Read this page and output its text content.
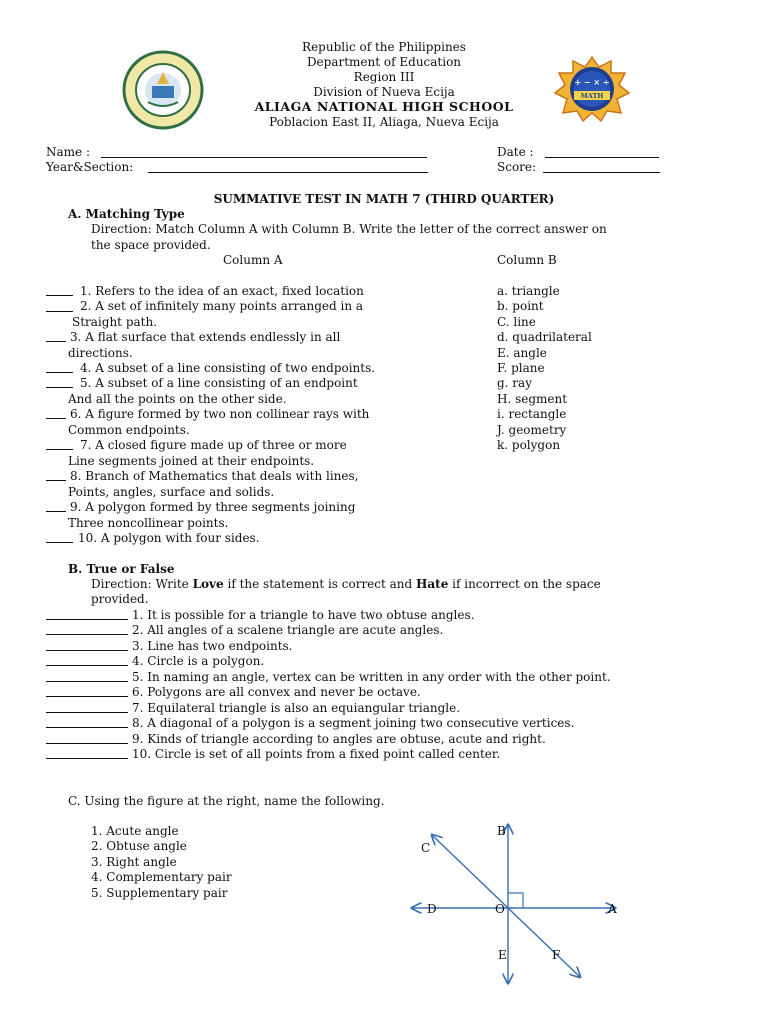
+ − × ÷
MATH
Republic of the Philippines
Department of Education
Region III
Division of Nueva Ecija
ALIAGA NATIONAL HIGH SCHOOL
Poblacion East II, Aliaga, Nueva Ecija
Name :
Year&Section:
Date :
Score:
SUMMATIVE TEST IN MATH 7 (THIRD QUARTER)
A. Matching Type
Direction: Match Column A with Column B. Write the letter of the correct answer on
the space provided.
Column A	Column B
1. Refers to the idea of an exact, fixed location
2. A set of infinitely many points arranged in a
Straight path.
3. A flat surface that extends endlessly in all
directions.
4. A subset of a line consisting of two endpoints.
5. A subset of a line consisting of an endpoint
And all the points on the other side.
6. A figure formed by two non collinear rays with
Common endpoints.
7. A closed figure made up of three or more
Line segments joined at their endpoints.
8. Branch of Mathematics that deals with lines,
Points, angles, surface and solids.
9. A polygon formed by three segments joining
Three noncollinear points.
10. A polygon with four sides.
a. triangle
b. point
C. line
d. quadrilateral
E. angle
F. plane
g. ray
H. segment
i. rectangle
J. geometry
k. polygon
B. True or False
Direction: Write Love if the statement is correct and Hate if incorrect on the space
provided.
1. It is possible for a triangle to have two obtuse angles.
2. All angles of a scalene triangle are acute angles.
3. Line has two endpoints.
4. Circle is a polygon.
5. In naming an angle, vertex can be written in any order with the other point.
6. Polygons are all convex and never be octave.
7. Equilateral triangle is also an equiangular triangle.
8. A diagonal of a polygon is a segment joining two consecutive vertices.
9. Kinds of triangle according to angles are obtuse, acute and right.
10. Circle is set of all points from a fixed point called center.
C. Using the figure at the right, name the following.
1. Acute angle
2. Obtuse angle
3. Right angle
4. Complementary pair
5. Supplementary pair
B
C
D	O	A
E	F
